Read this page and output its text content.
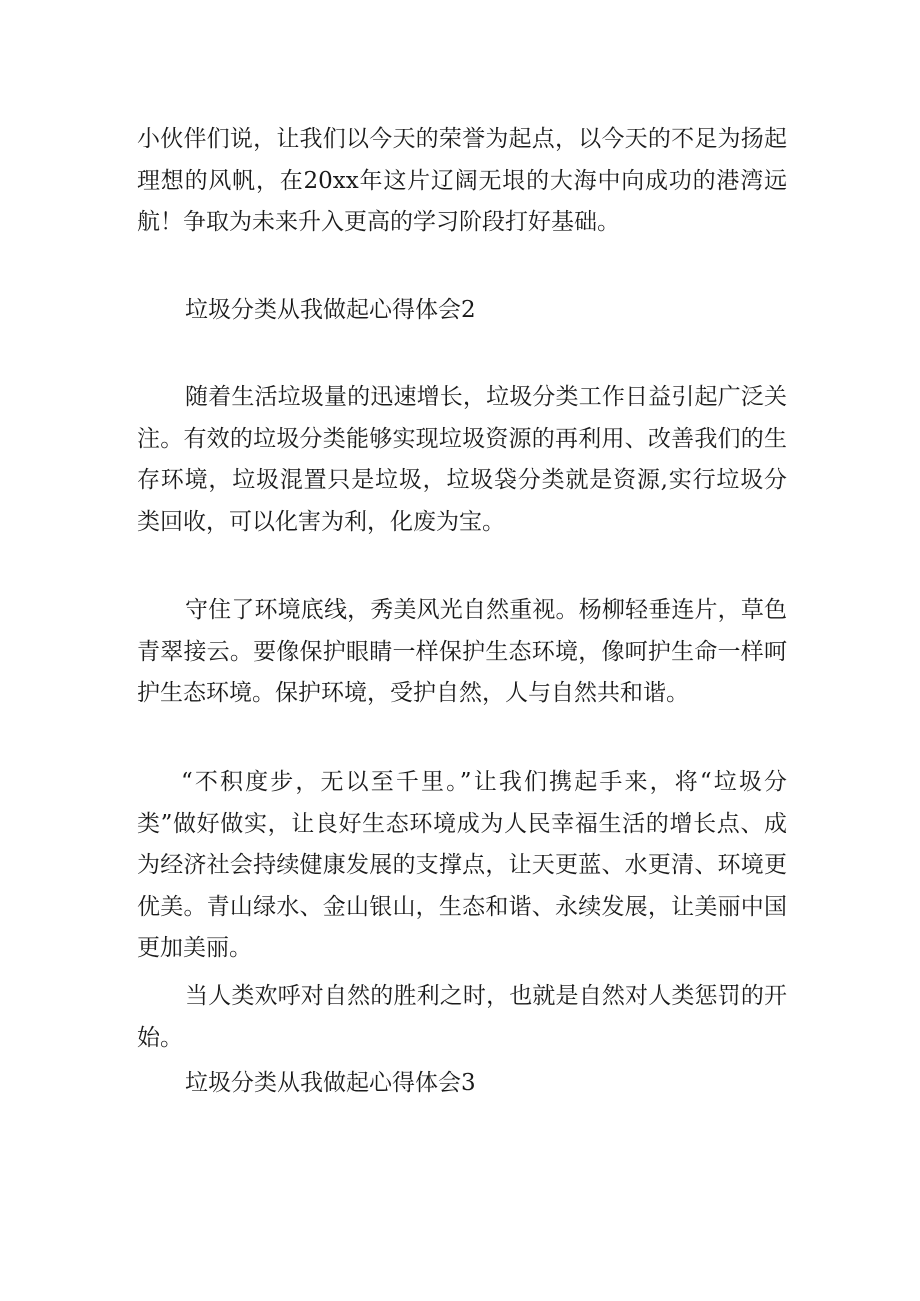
小伙伴们说，让我们以今天的荣誉为起点，以今天的不足为扬起理想的风帆，在20xx年这片辽阔无垠的大海中向成功的港湾远航！争取为未来升入更高的学习阶段打好基础。

垃圾分类从我做起心得体会2

随着生活垃圾量的迅速增长，垃圾分类工作日益引起广泛关注。有效的垃圾分类能够实现垃圾资源的再利用、改善我们的生存环境，垃圾混置只是垃圾，垃圾袋分类就是资源,实行垃圾分类回收，可以化害为利，化废为宝。

守住了环境底线，秀美风光自然重视。杨柳轻垂连片，草色青翠接云。要像保护眼睛一样保护生态环境，像呵护生命一样呵护生态环境。保护环境，受护自然，人与自然共和谐。

“不积度步，无以至千里。”让我们携起手来，将“垃圾分类”做好做实，让良好生态环境成为人民幸福生活的增长点、成为经济社会持续健康发展的支撑点，让天更蓝、水更清、环境更优美。青山绿水、金山银山，生态和谐、永续发展，让美丽中国更加美丽。

当人类欢呼对自然的胜利之时，也就是自然对人类惩罚的开始。

垃圾分类从我做起心得体会3
